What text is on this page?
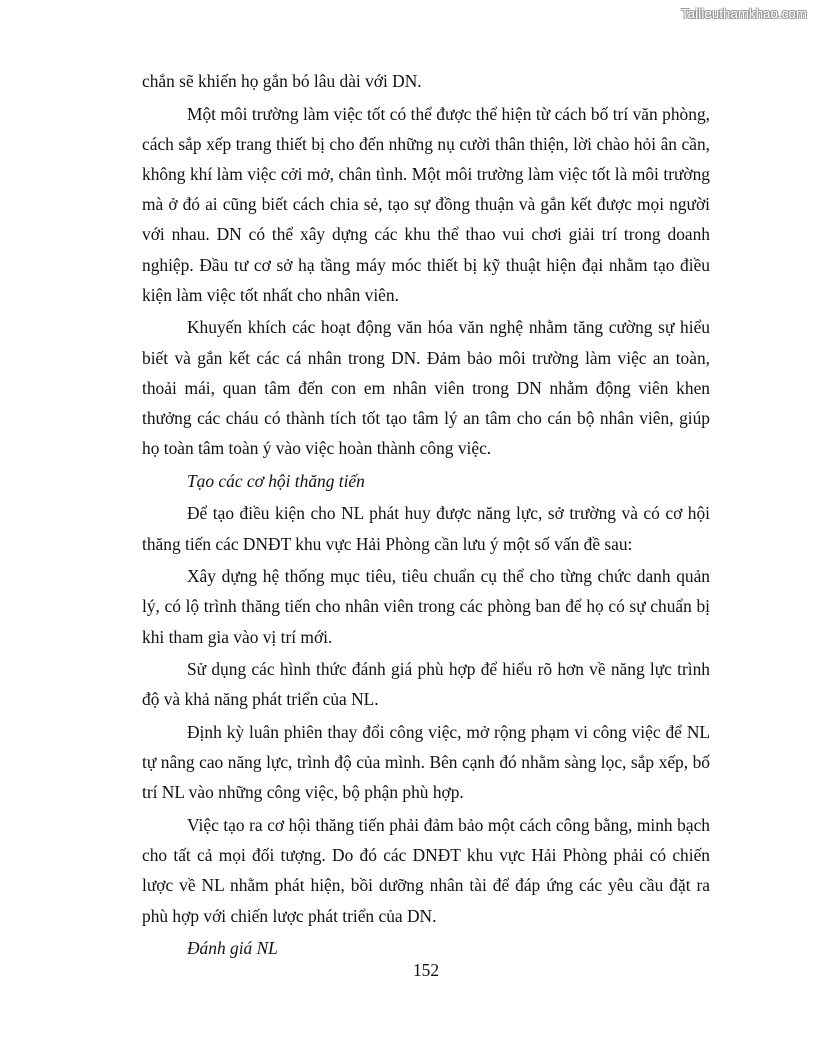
Tailieuthamkhao.com

chắn sẽ khiến họ gắn bó lâu dài với DN.

Một môi trường làm việc tốt có thể được thể hiện từ cách bố trí văn phòng, cách sắp xếp trang thiết bị cho đến những nụ cười thân thiện, lời chào hỏi ân cần, không khí làm việc cởi mở, chân tình. Một môi trường làm việc tốt là môi trường mà ở đó ai cũng biết cách chia sẻ, tạo sự đồng thuận và gắn kết được mọi người với nhau. DN có thể xây dựng các khu thể thao vui chơi giải trí trong doanh nghiệp. Đầu tư cơ sở hạ tầng máy móc thiết bị kỹ thuật hiện đại nhằm tạo điều kiện làm việc tốt nhất cho nhân viên.

Khuyến khích các hoạt động văn hóa văn nghệ nhằm tăng cường sự hiểu biết và gắn kết các cá nhân trong DN. Đảm bảo môi trường làm việc an toàn, thoải mái, quan tâm đến con em nhân viên trong DN nhằm động viên khen thưởng các cháu có thành tích tốt tạo tâm lý an tâm cho cán bộ nhân viên, giúp họ toàn tâm toàn ý vào việc hoàn thành công việc.

Tạo các cơ hội thăng tiến

Để tạo điều kiện cho NL phát huy được năng lực, sở trường và có cơ hội thăng tiến các DNĐT khu vực Hải Phòng cần lưu ý một số vấn đề sau:

Xây dựng hệ thống mục tiêu, tiêu chuẩn cụ thể cho từng chức danh quản lý, có lộ trình thăng tiến cho nhân viên trong các phòng ban để họ có sự chuẩn bị khi tham gia vào vị trí mới.

Sử dụng các hình thức đánh giá phù hợp để hiểu rõ hơn về năng lực trình độ và khả năng phát triển của NL.

Định kỳ luân phiên thay đổi công việc, mở rộng phạm vi công việc để NL tự nâng cao năng lực, trình độ của mình. Bên cạnh đó nhằm sàng lọc, sắp xếp, bố trí NL vào những công việc, bộ phận phù hợp.

Việc tạo ra cơ hội thăng tiến phải đảm bảo một cách công bằng, minh bạch cho tất cả mọi đối tượng. Do đó các DNĐT khu vực Hải Phòng phải có chiến lược về NL nhằm phát hiện, bồi dưỡng nhân tài để đáp ứng các yêu cầu đặt ra phù hợp với chiến lược phát triển của DN.

Đánh giá NL

152
